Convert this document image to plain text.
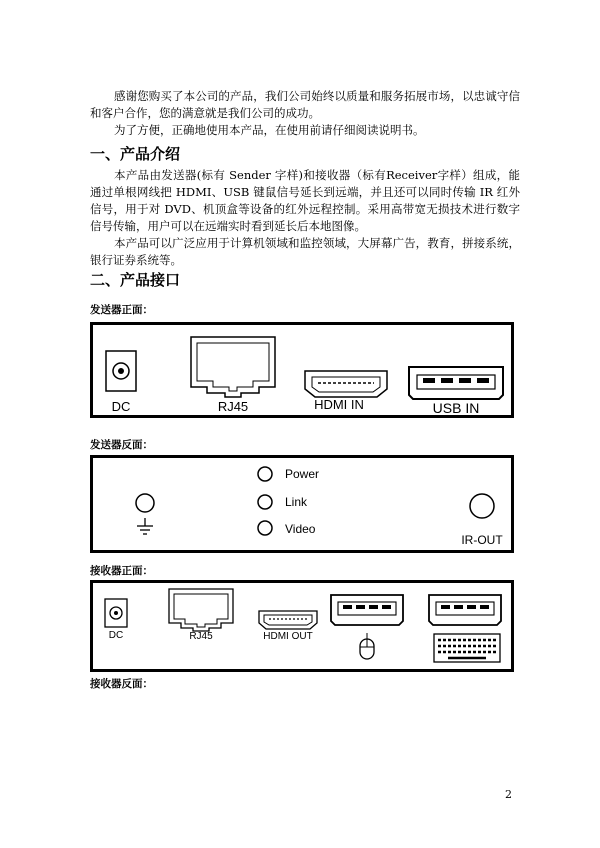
感谢您购买了本公司的产品，我们公司始终以质量和服务拓展市场，以忠诚守信和客户合作，您的满意就是我们公司的成功。

为了方便，正确地使用本产品，在使用前请仔细阅读说明书。

一、产品介绍

本产品由发送器(标有 Sender 字样)和接收器（标有Receiver字样）组成，能通过单根网线把 HDMI、USB 键鼠信号延长到远端，并且还可以同时传输 IR 红外信号，用于对 DVD、机顶盒等设备的红外远程控制。采用高带宽无损技术进行数字信号传输，用户可以在远端实时看到延长后本地图像。

本产品可以广泛应用于计算机领域和监控领域，大屏幕广告，教育，拼接系统，银行证券系统等。

二、产品接口
发送器正面：
DC	RJ45	HDMI IN	USB IN
发送器反面：
Power
Link
Video
IR-OUT
接收器正面：
DC	RJ45	HDMI OUT
接收器反面：
2
